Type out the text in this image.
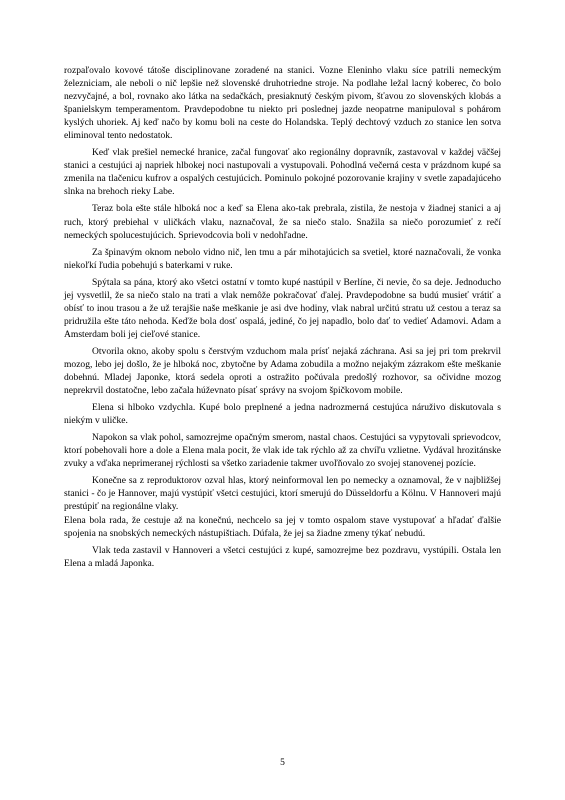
rozpaľovalo kovové tátoše disciplinovane zoradené na stanici. Vozne Eleninho vlaku síce patrili nemeckým železniciam, ale neboli o nič lepšie než slovenské druhotriedne stroje. Na podlahe ležal lacný koberec, čo bolo nezvyčajné, a bol, rovnako ako látka na sedačkách, presiaknutý českým pivom, šťavou zo slovenských klobás a španielskym temperamentom. Pravdepodobne tu niekto pri poslednej jazde neopatrne manipuloval s pohárom kyslých uhoriek. Aj keď načo by komu boli na ceste do Holandska. Teplý dechtový vzduch zo stanice len sotva eliminoval tento nedostatok.

Keď vlak prešiel nemecké hranice, začal fungovať ako regionálny dopravník, zastavoval v každej väčšej stanici a cestujúci aj napriek hlbokej noci nastupovali a vystupovali. Pohodlná večerná cesta v prázdnom kupé sa zmenila na tlačenicu kufrov a ospalých cestujúcich. Pominulo pokojné pozorovanie krajiny v svetle zapadajúceho slnka na brehoch rieky Labe.

Teraz bola ešte stále hlboká noc a keď sa Elena ako-tak prebrala, zistila, že nestoja v žiadnej stanici a aj ruch, ktorý prebiehal v uličkách vlaku, naznačoval, že sa niečo stalo. Snažila sa niečo porozumieť z rečí nemeckých spolucestujúcich. Sprievodcovia boli v nedohľadne.

Za špinavým oknom nebolo vidno nič, len tmu a pár mihotajúcich sa svetiel, ktoré naznačovali, že vonka niekoľkí ľudia pobehujú s baterkami v ruke.

Spýtala sa pána, ktorý ako všetci ostatní v tomto kupé nastúpil v Berlíne, či nevie, čo sa deje. Jednoducho jej vysvetlil, že sa niečo stalo na trati a vlak nemôže pokračovať ďalej. Pravdepodobne sa budú musieť vrátiť a obísť to inou trasou a že už terajšie naše meškanie je asi dve hodiny, vlak nabral určitú stratu už cestou a teraz sa pridružila ešte táto nehoda. Keďže bola dosť ospalá, jediné, čo jej napadlo, bolo dať to vedieť Adamovi. Adam a Amsterdam boli jej cieľové stanice.

Otvorila okno, akoby spolu s čerstvým vzduchom mala prísť nejaká záchrana. Asi sa jej pri tom prekrvil mozog, lebo jej došlo, že je hlboká noc, zbytočne by Adama zobudila a možno nejakým zázrakom ešte meškanie dobehnú. Mladej Japonke, ktorá sedela oproti a ostražito počúvala predošlý rozhovor, sa očividne mozog neprekrvil dostatočne, lebo začala húževnato písať správy na svojom špičkovom mobile.

Elena si hlboko vzdychla. Kupé bolo preplnené a jedna nadrozmerná cestujúca náruživo diskutovala s niekým v uličke.

Napokon sa vlak pohol, samozrejme opačným smerom, nastal chaos. Cestujúci sa vypytovali sprievodcov, ktorí pobehovali hore a dole a Elena mala pocit, že vlak ide tak rýchlo až za chvíľu vzlietne. Vydával hrozitánske zvuky a vďaka neprimeranej rýchlosti sa všetko zariadenie takmer uvoľňovalo zo svojej stanovenej pozície.

Konečne sa z reproduktorov ozval hlas, ktorý neinformoval len po nemecky a oznamoval, že v najbližšej stanici - čo je Hannover, majú vystúpiť všetci cestujúci, ktorí smerujú do Düsseldorfu a Kölnu. V Hannoveri majú prestúpiť na regionálne vlaky.

Elena bola rada, že cestuje až na konečnú, nechcelo sa jej v tomto ospalom stave vystupovať a hľadať ďalšie spojenia na snobských nemeckých nástupištiach. Dúfala, že jej sa žiadne zmeny týkať nebudú.

Vlak teda zastavil v Hannoveri a všetci cestujúci z kupé, samozrejme bez pozdravu, vystúpili. Ostala len Elena a mladá Japonka.

5
